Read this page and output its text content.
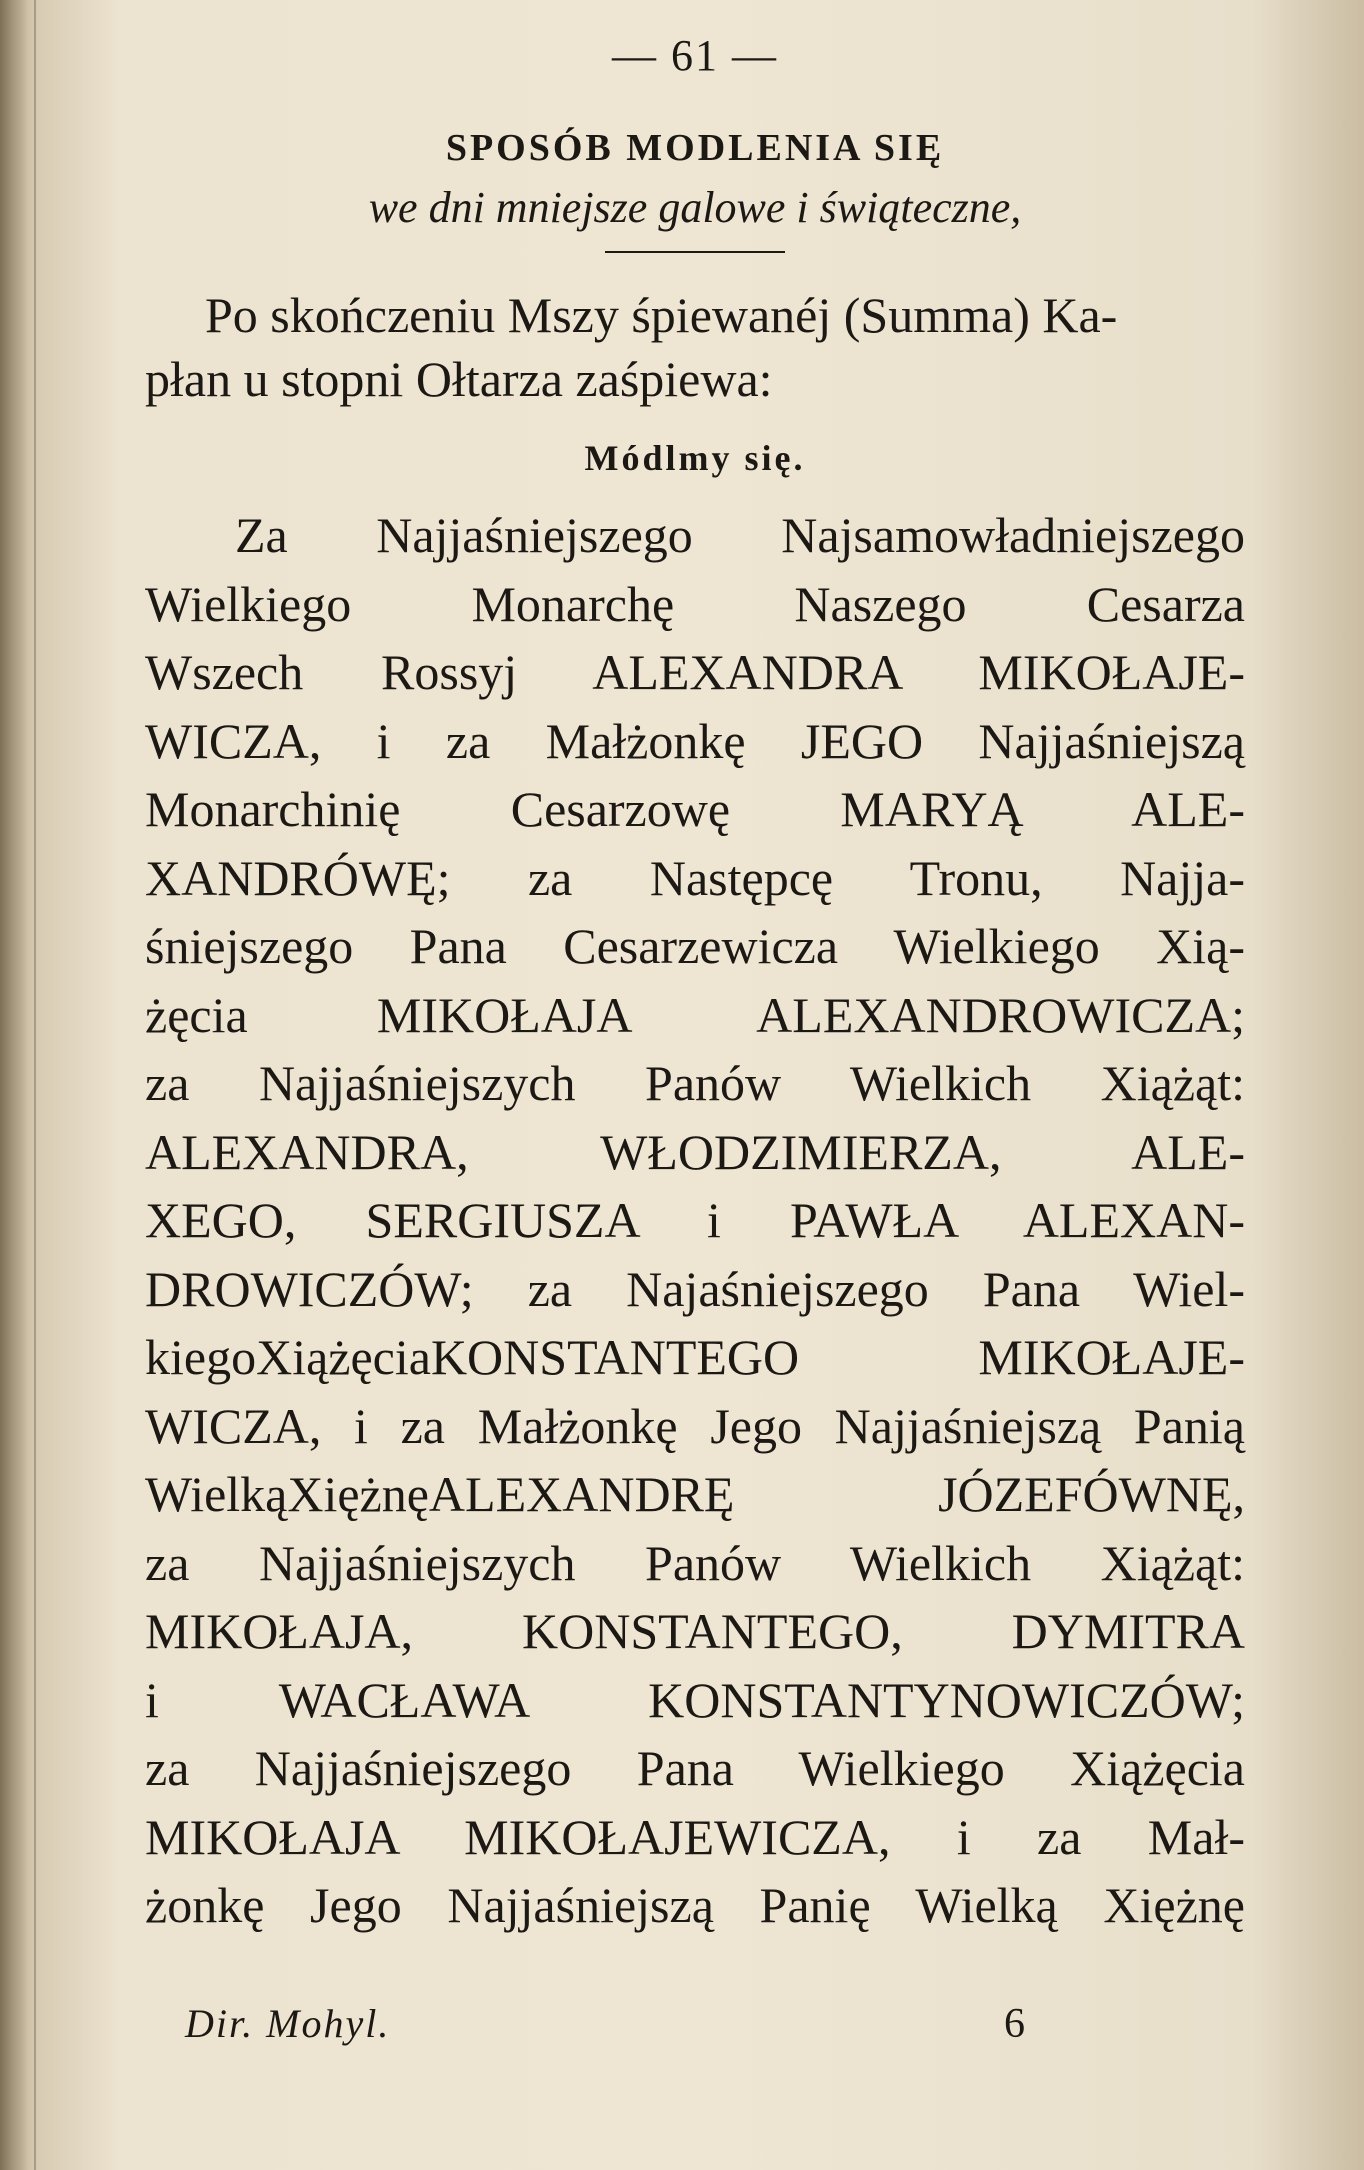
— 61 —
SPOSÓB MODLENIA SIĘ
we dni mniejsze galowe i świąteczne,
Po skończeniu Mszy śpiewanéj (Summa) Ka-
płan u stopni Ołtarza zaśpiewa:
Módlmy się.
Za Najjaśniejszego Najsamowładniejszego
Wielkiego Monarchę Naszego Cesarza
Wszech Rossyj ALEXANDRA MIKOŁAJE-
WICZA, i za Małżonkę JEGO Najjaśniejszą
Monarchinię Cesarzowę MARYĄ ALE-
XANDRÓWĘ; za Następcę Tronu, Najja-
śniejszego Pana Cesarzewicza Wielkiego Xią-
żęcia MIKOŁAJA ALEXANDROWICZA;
za Najjaśniejszych Panów Wielkich Xiążąt:
ALEXANDRA, WŁODZIMIERZA, ALE-
XEGO, SERGIUSZA i PAWŁA ALEXAN-
DROWICZÓW; za Najaśniejszego Pana Wiel-
kiegoXiążęciaKONSTANTEGO MIKOŁAJE-
WICZA, i za Małżonkę Jego Najjaśniejszą Panią
WielkąXiężnęALEXANDRĘ JÓZEFÓWNĘ,
za Najjaśniejszych Panów Wielkich Xiążąt:
MIKOŁAJA, KONSTANTEGO, DYMITRA
i WACŁAWA KONSTANTYNOWICZÓW;
za Najjaśniejszego Pana Wielkiego Xiążęcia
MIKOŁAJA MIKOŁAJEWICZA, i za Mał-
żonkę Jego Najjaśniejszą Panię Wielką Xiężnę
Dir. Mohyl.	6
